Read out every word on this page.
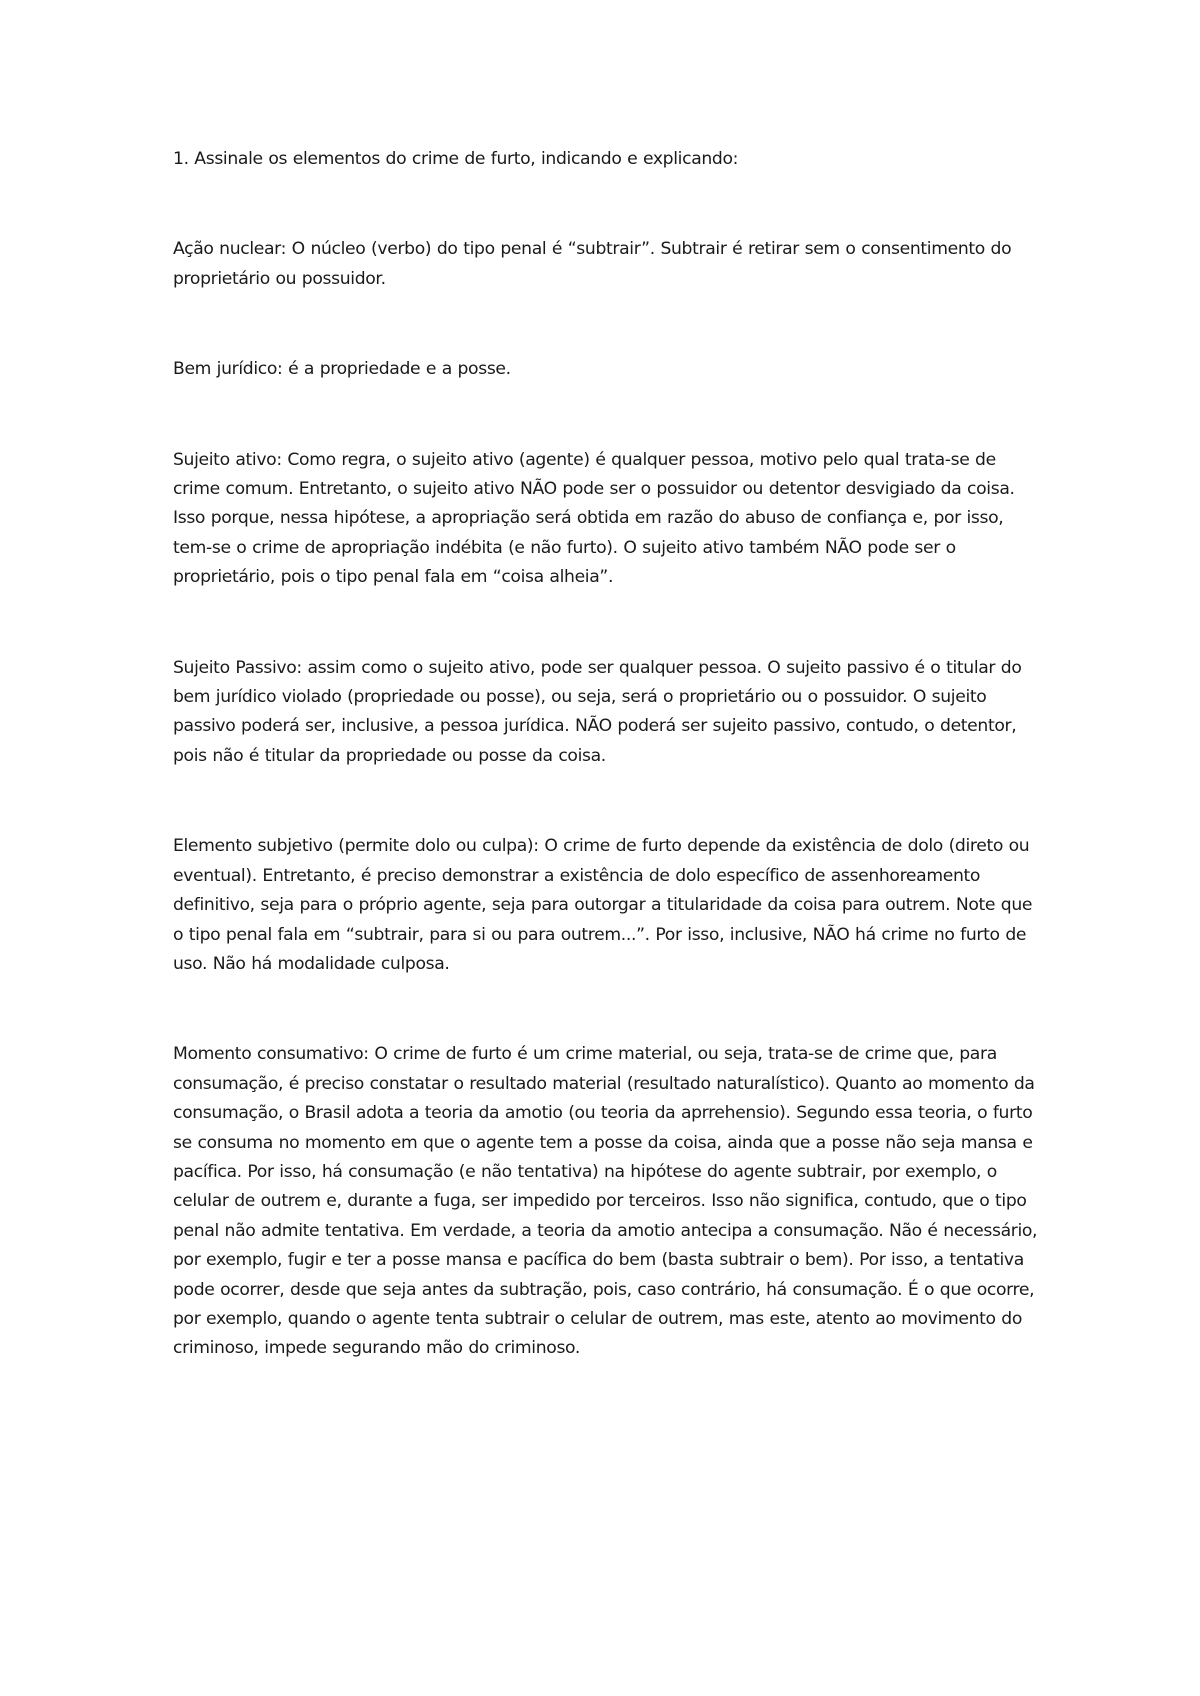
1. Assinale os elementos do crime de furto, indicando e explicando:

Ação nuclear: O núcleo (verbo) do tipo penal é “subtrair”. Subtrair é retirar sem o consentimento do proprietário ou possuidor.

Bem jurídico: é a propriedade e a posse.

Sujeito ativo: Como regra, o sujeito ativo (agente) é qualquer pessoa, motivo pelo qual trata-se de crime comum. Entretanto, o sujeito ativo NÃO pode ser o possuidor ou detentor desvigiado da coisa. Isso porque, nessa hipótese, a apropriação será obtida em razão do abuso de confiança e, por isso, tem-se o crime de apropriação indébita (e não furto). O sujeito ativo também NÃO pode ser o proprietário, pois o tipo penal fala em “coisa alheia”.

Sujeito Passivo: assim como o sujeito ativo, pode ser qualquer pessoa. O sujeito passivo é o titular do bem jurídico violado (propriedade ou posse), ou seja, será o proprietário ou o possuidor. O sujeito passivo poderá ser, inclusive, a pessoa jurídica. NÃO poderá ser sujeito passivo, contudo, o detentor, pois não é titular da propriedade ou posse da coisa.

Elemento subjetivo (permite dolo ou culpa): O crime de furto depende da existência de dolo (direto ou eventual). Entretanto, é preciso demonstrar a existência de dolo específico de assenhoreamento definitivo, seja para o próprio agente, seja para outorgar a titularidade da coisa para outrem. Note que o tipo penal fala em “subtrair, para si ou para outrem...”. Por isso, inclusive, NÃO há crime no furto de uso. Não há modalidade culposa.

Momento consumativo: O crime de furto é um crime material, ou seja, trata-se de crime que, para consumação, é preciso constatar o resultado material (resultado naturalístico). Quanto ao momento da consumação, o Brasil adota a teoria da amotio (ou teoria da aprrehensio). Segundo essa teoria, o furto se consuma no momento em que o agente tem a posse da coisa, ainda que a posse não seja mansa e pacífica. Por isso, há consumação (e não tentativa) na hipótese do agente subtrair, por exemplo, o celular de outrem e, durante a fuga, ser impedido por terceiros. Isso não significa, contudo, que o tipo penal não admite tentativa. Em verdade, a teoria da amotio antecipa a consumação. Não é necessário, por exemplo, fugir e ter a posse mansa e pacífica do bem (basta subtrair o bem). Por isso, a tentativa pode ocorrer, desde que seja antes da subtração, pois, caso contrário, há consumação. É o que ocorre, por exemplo, quando o agente tenta subtrair o celular de outrem, mas este, atento ao movimento do criminoso, impede segurando mão do criminoso.
